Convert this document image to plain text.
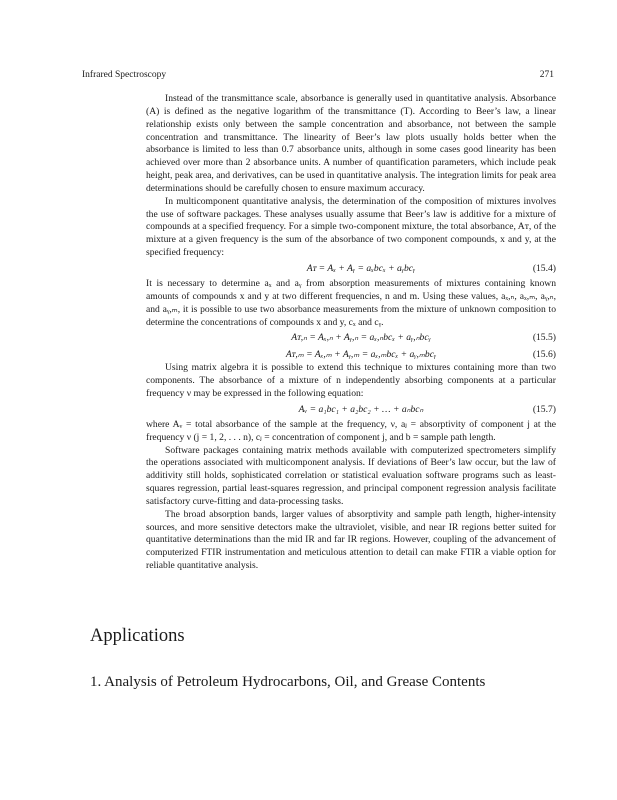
Infrared Spectroscopy	271

Instead of the transmittance scale, absorbance is generally used in quantitative analysis. Absorbance (A) is defined as the negative logarithm of the transmittance (T). According to Beer’s law, a linear relationship exists only between the sample concentration and absorbance, not between the sample concentration and transmittance. The linearity of Beer’s law plots usually holds better when the absorbance is limited to less than 0.7 absorbance units, although in some cases good linearity has been achieved over more than 2 absorbance units. A number of quantification parameters, which include peak height, peak area, and derivatives, can be used in quantitative analysis. The integration limits for peak area determinations should be carefully chosen to ensure maximum accuracy.

In multicomponent quantitative analysis, the determination of the composition of mixtures involves the use of software packages. These analyses usually assume that Beer’s law is additive for a mixture of compounds at a specified frequency. For a simple two-component mixture, the total absorbance, Aᴛ, of the mixture at a given frequency is the sum of the absorbance of two component compounds, x and y, at the specified frequency:

Aᴛ = Aₓ + Aᵧ = aₓbcₓ + aᵧbcᵧ	(15.4)

It is necessary to determine aₓ and aᵧ from absorption measurements of mixtures containing known amounts of compounds x and y at two different frequencies, n and m. Using these values, aₓ,ₙ, aₓ,ₘ, aᵧ,ₙ, and aᵧ,ₘ, it is possible to use two absorbance measurements from the mixture of unknown composition to determine the concentrations of compounds x and y, cₓ and cᵧ.

Aᴛ,ₙ = Aₓ,ₙ + Aᵧ,ₙ = aₓ,ₙbcₓ + aᵧ,ₙbcᵧ	(15.5)
Aᴛ,ₘ = Aₓ,ₘ + Aᵧ,ₘ = aₓ,ₘbcₓ + aᵧ,ₘbcᵧ	(15.6)

Using matrix algebra it is possible to extend this technique to mixtures containing more than two components. The absorbance of a mixture of n independently absorbing components at a particular frequency ν may be expressed in the following equation:

Aᵥ = a₁bc₁ + a₂bc₂ + … + aₙbcₙ	(15.7)

where Aᵥ = total absorbance of the sample at the frequency, ν, aⱼ = absorptivity of component j at the frequency ν (j = 1, 2, . . . n), cⱼ = concentration of component j, and b = sample path length.

Software packages containing matrix methods available with computerized spectrometers simplify the operations associated with multicomponent analysis. If deviations of Beer’s law occur, but the law of additivity still holds, sophisticated correlation or statistical evaluation software programs such as least-squares regression, partial least-squares regression, and principal component regression analysis facilitate satisfactory curve-fitting and data-processing tasks.

The broad absorption bands, larger values of absorptivity and sample path length, higher-intensity sources, and more sensitive detectors make the ultraviolet, visible, and near IR regions better suited for quantitative determinations than the mid IR and far IR regions. However, coupling of the advancement of computerized FTIR instrumentation and meticulous attention to detail can make FTIR a viable option for reliable quantitative analysis.

Applications
1. Analysis of Petroleum Hydrocarbons, Oil, and Grease Contents
